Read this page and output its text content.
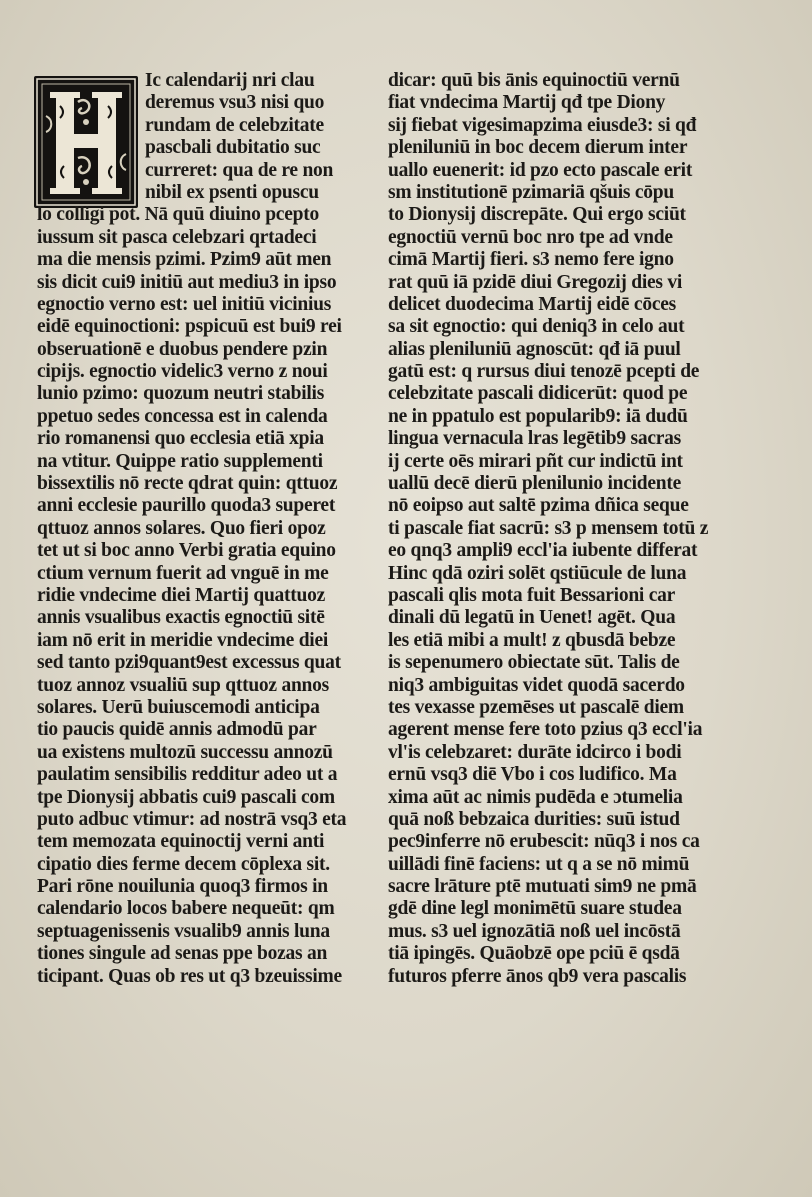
Ic calendarij nri clau
deremus vsu3 nisi quo
rundam de celebzitate
pascbali dubitatio suc
curreret: qua de re non
nibil ex psenti opuscu
lo colligi pot. Nā quū diuino pcepto
iussum sit pasca celebzari qrtadeci
ma die mensis pzimi. Pzim9 aūt men
sis dicit cui9 initiū aut mediu3 in ipso
egnoctio verno est: uel initiū vicinius
eidē equinoctioni: pspicuū est bui9 rei
obseruationē e duobus pendere pzin
cipijs. egnoctio videlic3 verno z noui
lunio pzimo: quozum neutri stabilis
ppetuo sedes concessa est in calenda
rio romanensi quo ecclesia etiā xpia
na vtitur. Quippe ratio supplementi
bissextilis nō recte qdrat quin: qttuoz
anni ecclesie paurillo quoda3 superet
qttuoz annos solares. Quo fieri opoz
tet ut si boc anno Verbi gratia equino
ctium vernum fuerit ad vnguē in me
ridie vndecime diei Martij quattuoz
annis vsualibus exactis egnoctiū sitē
iam nō erit in meridie vndecime diei
sed tanto pzi9quant9est excessus quat
tuoz annoz vsualiū sup qttuoz annos
solares. Uerū buiuscemodi anticipa
tio paucis quidē annis admodū par
ua existens multozū successu annozū
paulatim sensibilis redditur adeo ut a
tpe Dionysij abbatis cui9 pascali com
puto adbuc vtimur: ad nostrā vsq3 eta
tem memozata equinoctij verni anti
cipatio dies ferme decem cōplexa sit.
Pari rōne nouilunia quoq3 firmos in
calendario locos babere nequeūt: qm
septuagenissenis vsualib9 annis luna
tiones singule ad senas ppe bozas an
ticipant. Quas ob res ut q3 bzeuissime
dicar: quū bis ānis equinoctiū vernū
fiat vndecima Martij qđ tpe Diony
sij fiebat vigesimapzima eiusde3: si qđ
pleniluniū in boc decem dierum inter
uallo euenerit: id pzo ecto pascale erit
sm institutionē pzimariā qšuis cōpu
to Dionysij discrepāte. Qui ergo sciūt
egnoctiū vernū boc nro tpe ad vnde
cimā Martij fieri. s3 nemo fere igno
rat quū iā pzidē diui Gregozij dies vi
delicet duodecima Martij eidē cōces
sa sit egnoctio: qui deniq3 in celo aut
alias pleniluniū agnoscūt: qđ iā puul
gatū est: q rursus diui tenozē pcepti de
celebzitate pascali didicerūt: quod pe
ne in ppatulo est popularib9: iā dudū
lingua vernacula lras legētib9 sacras
ij certe oēs mirari pñt cur indictū int
uallū decē dierū plenilunio incidente
nō eoipso aut saltē pzima dñica seque
ti pascale fiat sacrū: s3 p mensem totū z
eo qnq3 ampli9 eccl'ia iubente differat
Hinc qdā oziri solēt qstiūcule de luna
pascali qlis mota fuit Bessarioni car
dinali dū legatū in Uenet! agēt. Qua
les etiā mibi a mult! z qbusdā bebze
is sepenumero obiectate sūt. Talis de
niq3 ambiguitas videt quodā sacerdo
tes vexasse pzemēses ut pascalē diem
agerent mense fere toto pzius q3 eccl'ia
vl'is celebzaret: durāte idcirco i bodi
ernū vsq3 diē Vbo i cos ludifico. Ma
xima aūt ac nimis pudēda e ɔtumelia
quā noß bebzaica durities: suū istud
pec9inferre nō erubescit: nūq3 i nos ca
uillādi finē faciens: ut q a se nō mimū
sacre lrāture ptē mutuati sim9 ne pmā
gdē dine legl monimētū suare studea
mus. s3 uel ignozātiā noß uel incōstā
tiā ipingēs. Quāobzē ope pciū ē qsdā
futuros pferre ānos qb9 vera pascalis
